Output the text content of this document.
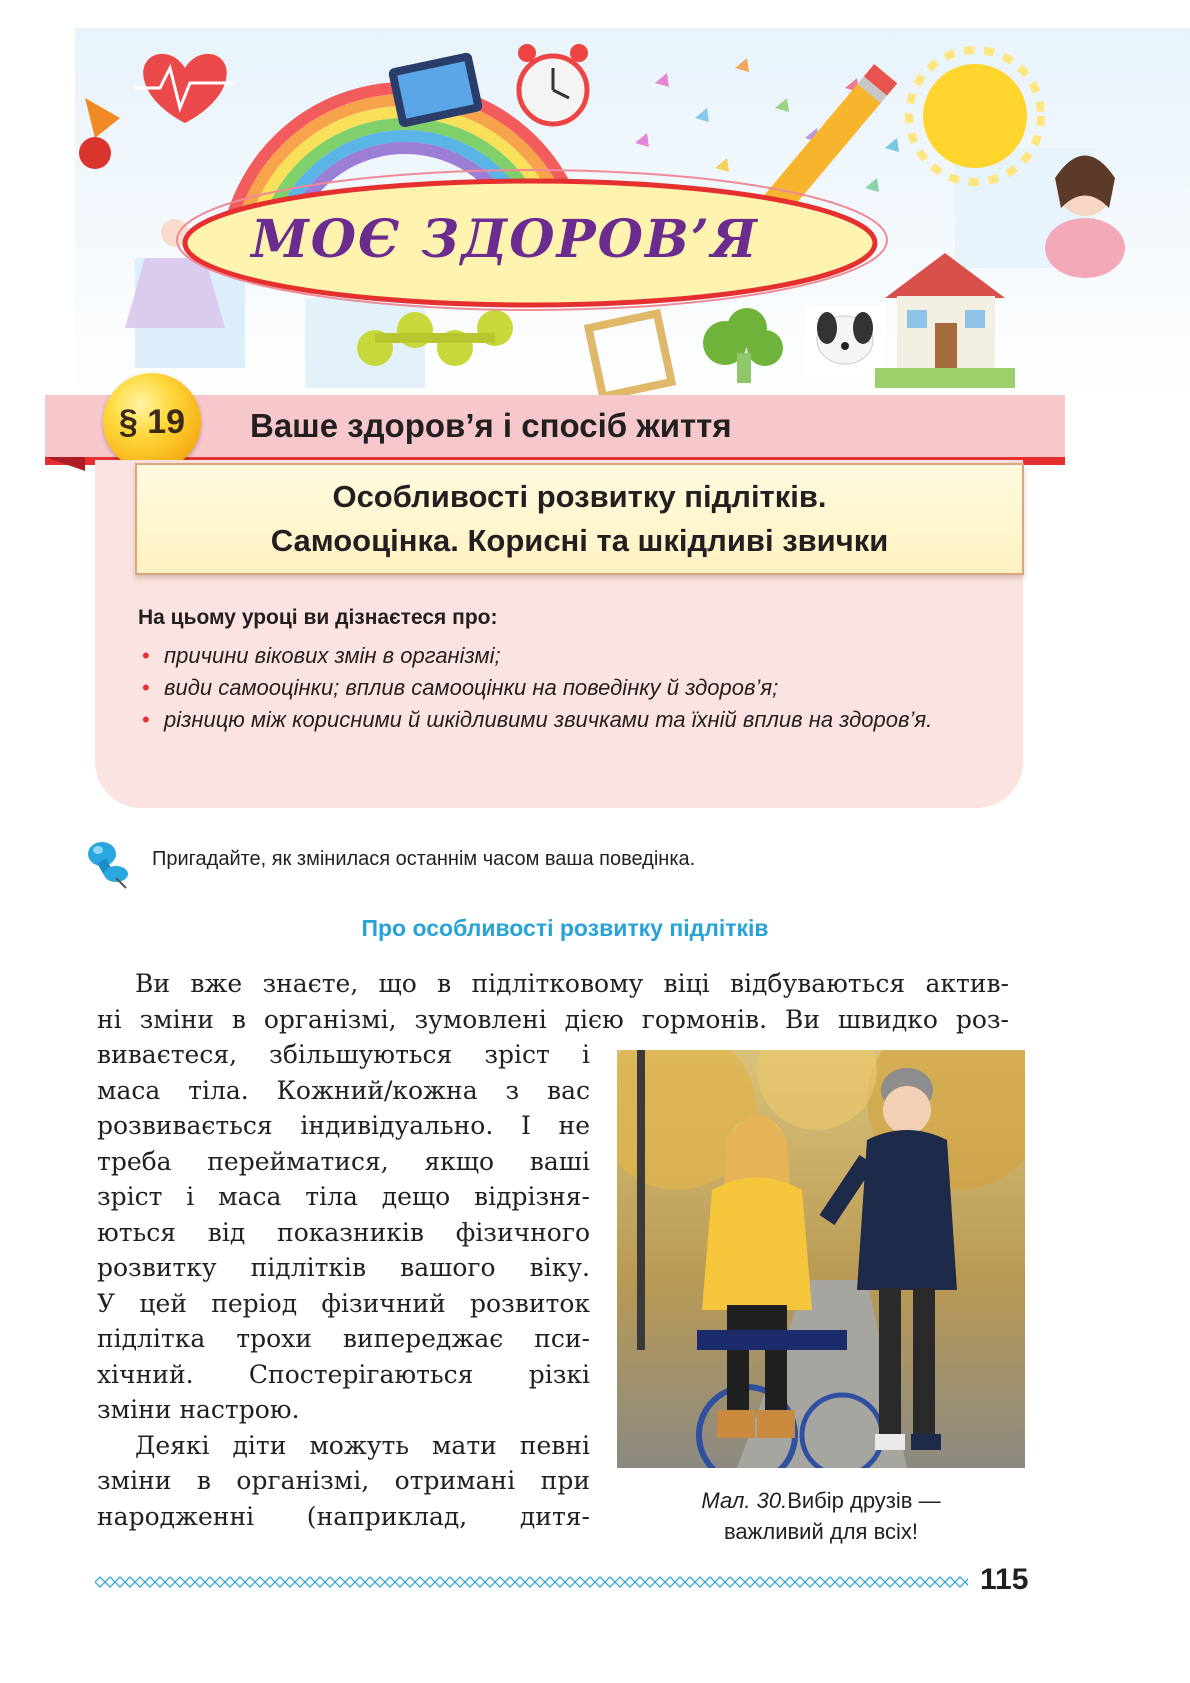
МОЄ ЗДОРОВ’Я
§ 19	Ваше здоров’я і спосіб життя
Особливості розвитку підлітків.
Самооцінка. Корисні та шкідливі звички
На цьому уроці ви дізнаєтеся про:
• причини вікових змін в організмі;
• види самооцінки; вплив самооцінки на поведінку й здоров’я;
• різницю між корисними й шкідливими звичками та їхній вплив на здоров’я.
Пригадайте, як змінилася останнім часом ваша поведінка.
Про особливості розвитку підлітків
Ви вже знаєте, що в підлітковому віці відбуваються актив-
ні зміни в організмі, зумовлені дією гормонів. Ви швидко роз-
виваєтеся, збільшуються зріст і
маса тіла. Кожний/кожна з вас
розвивається індивідуально. І не
треба перейматися, якщо ваші
зріст і маса тіла дещо відрізня-
ються від показників фізичного
розвитку підлітків вашого віку.
У цей період фізичний розвиток
підлітка трохи випереджає пси-
хічний. Спостерігаються різкі
зміни настрою.
Деякі діти можуть мати певні
зміни в організмі, отримані при
народженні (наприклад, дитя-
Мал. 30.Вибір друзів —
важливий для всіх!
115
